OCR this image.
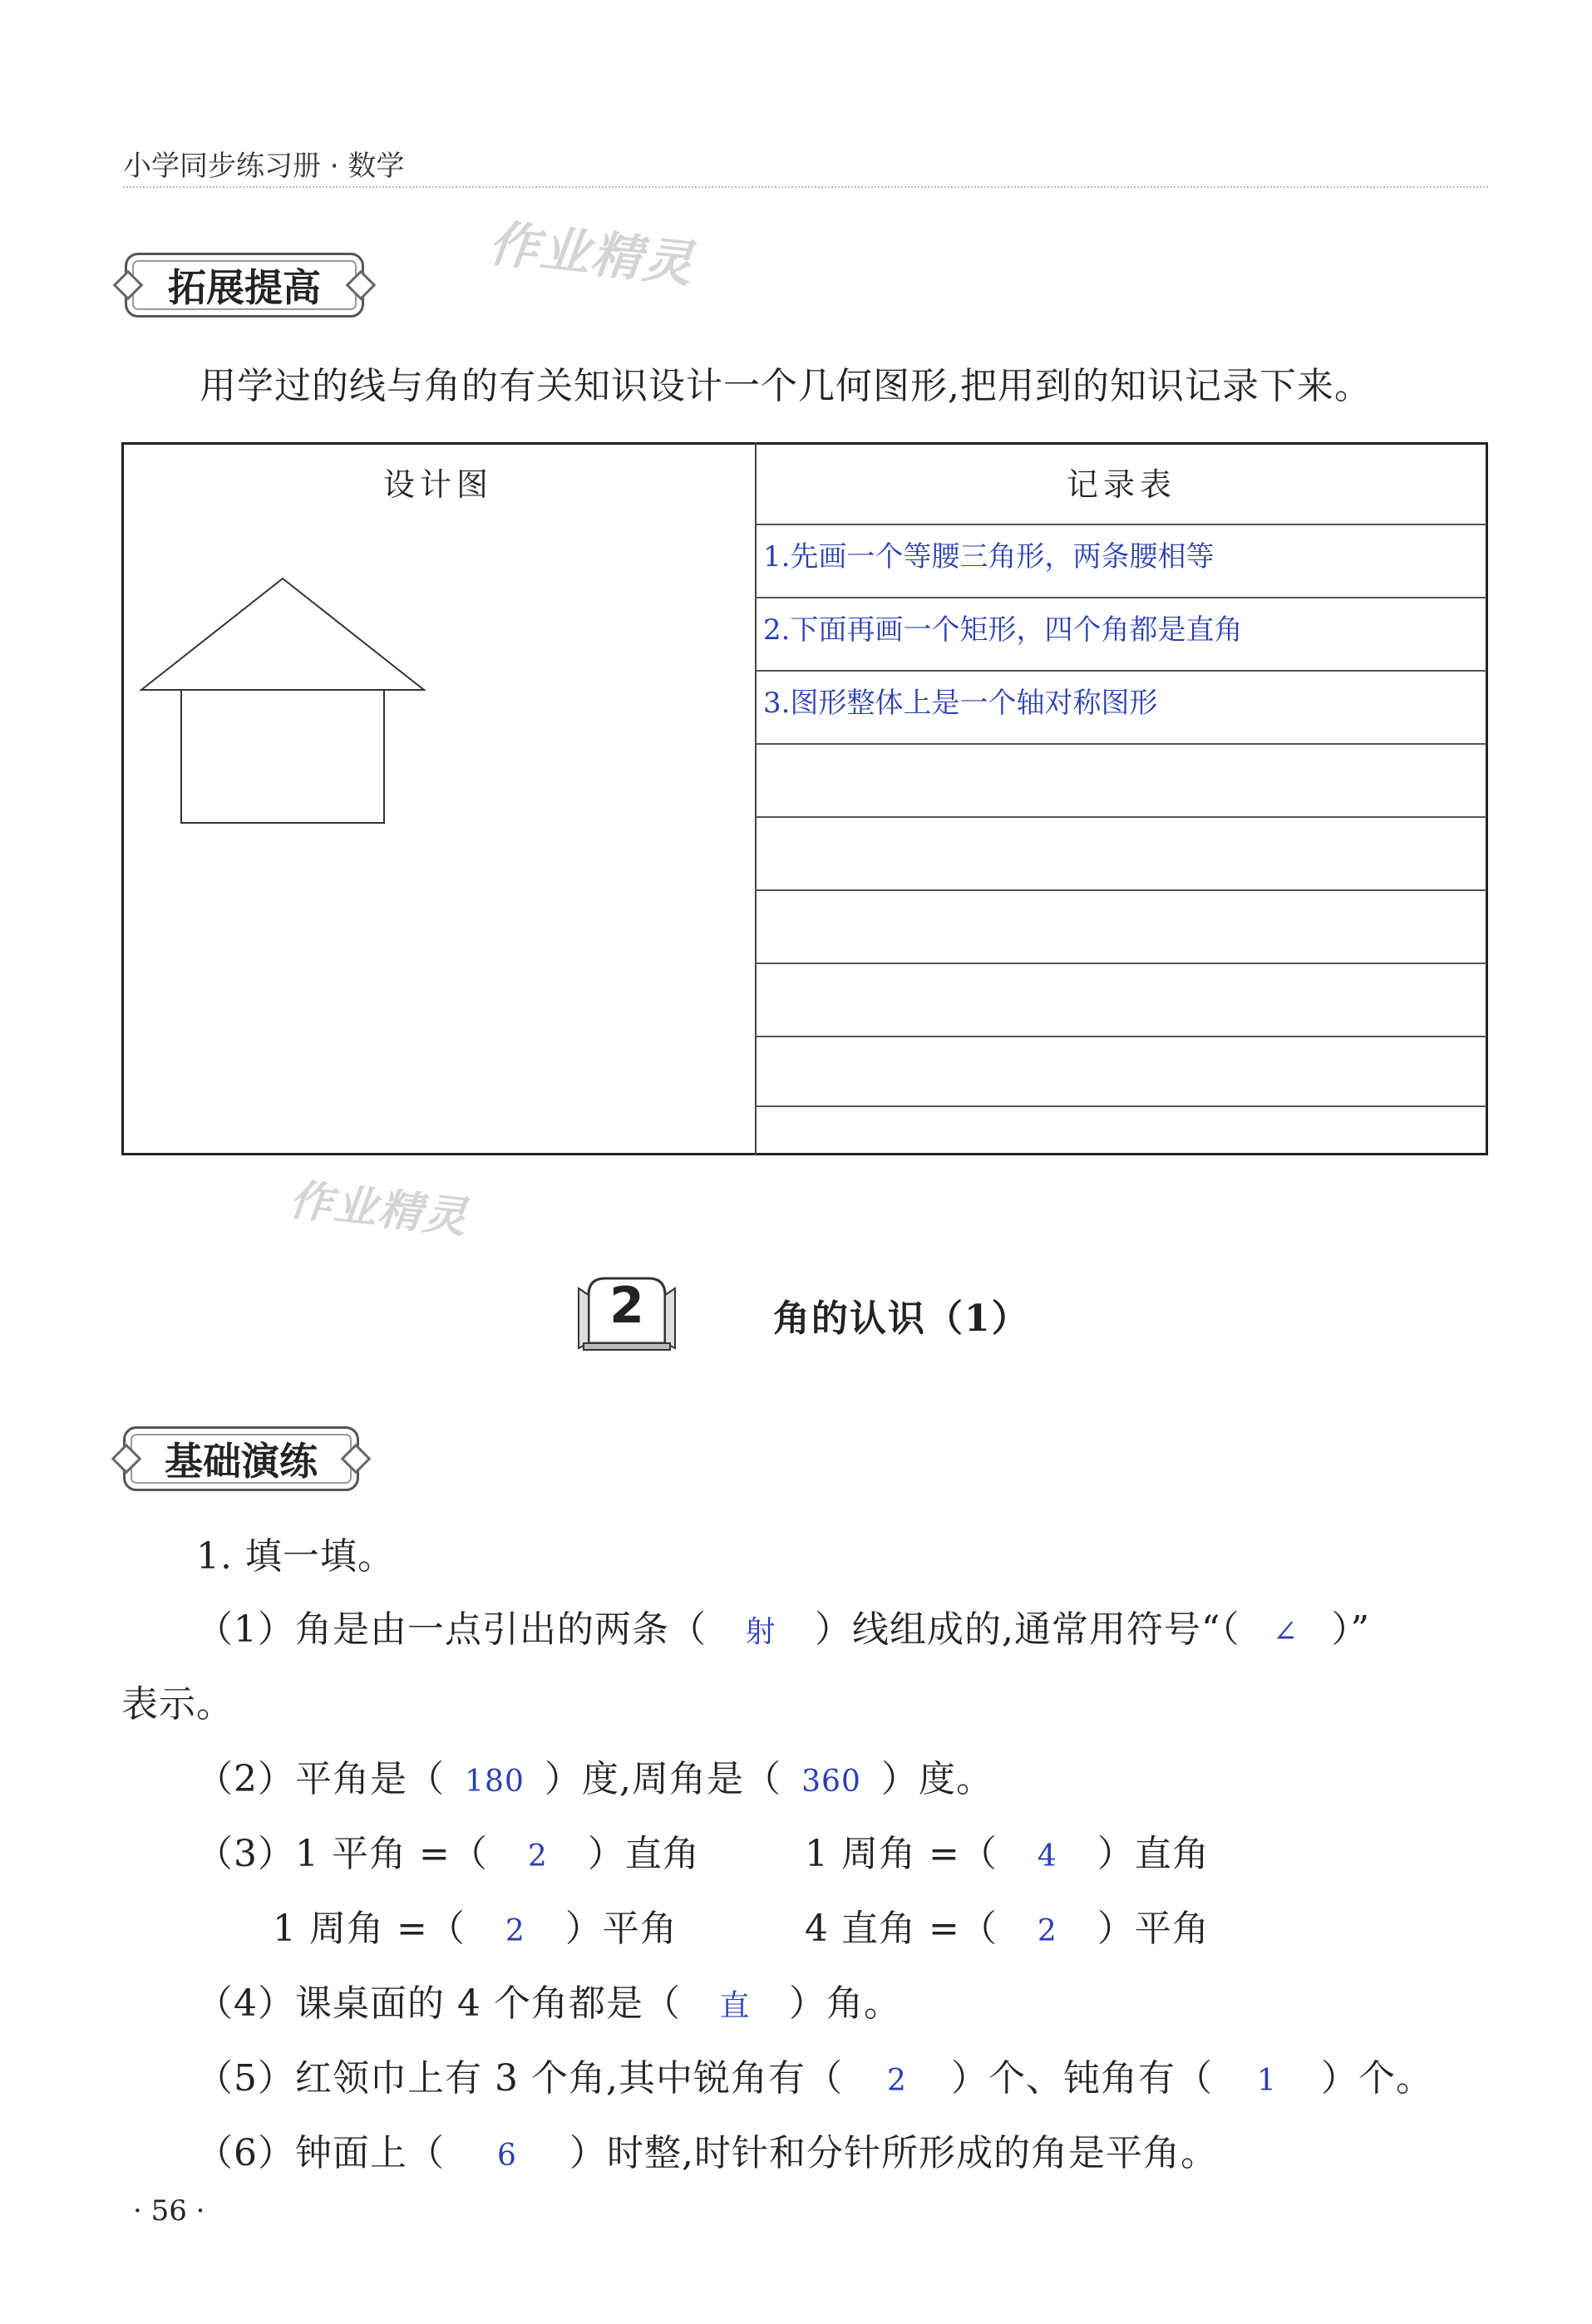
小学同步练习册 · 数学
作业精灵
作业精灵
拓展提高
用学过的线与角的有关知识设计一个几何图形,把用到的知识记录下来。
设计图	记录表
1.先画一个等腰三角形，两条腰相等
2.下面再画一个矩形，四个角都是直角
3.图形整体上是一个轴对称图形
2	角的认识（1）
基础演练
1. 填一填。
（1）角是由一点引出的两条（ 射 ）线组成的,通常用符号“（ ∠ ）”
表示。
（2）平角是（ 180 ）度,周角是（ 360 ）度。
（3）1 平角 =（ 2 ）直角	1 周角 =（ 4 ）直角
1 周角 =（ 2 ）平角	4 直角 =（ 2 ）平角
（4）课桌面的 4 个角都是（ 直 ）角。
（5）红领巾上有 3 个角,其中锐角有（ 2 ）个、钝角有（ 1 ）个。
（6）钟面上（ 6 ）时整,时针和分针所形成的角是平角。
· 56 ·
